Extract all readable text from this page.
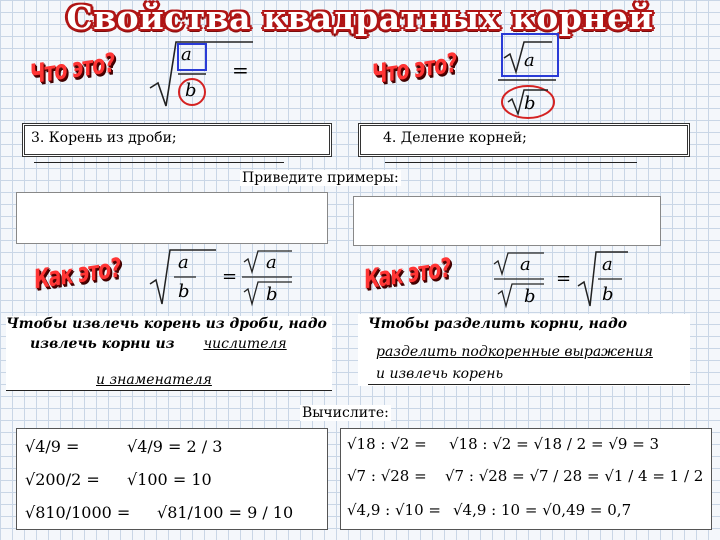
Свойства квадратных корней
Что это?	a
b
=	Что это?	a
b
3. Корень из дроби;	4. Деление корней;
Приведите примеры:
Как это?	a
b
=
a
b	Как это?	a
b
=
a
b
Чтобы извлечь корень из дроби, надо
извлечь корни из числителя
и знаменателя
Чтобы разделить корни, надо
разделить подкоренные выражения
и извлечь корень
Вычислите:
√4/9 =	√4/9 = 2 / 3
√200/2 = √100 = 10
√810/1000 = √81/100 = 9 / 10
√18 : √2 = √18 : √2 = √18 / 2 = √9 = 3
√7 : √28 = √7 : √28 = √7 / 28 = √1 / 4 = 1 / 2
√4,9 : √10 = √4,9 : 10 = √0,49 = 0,7
